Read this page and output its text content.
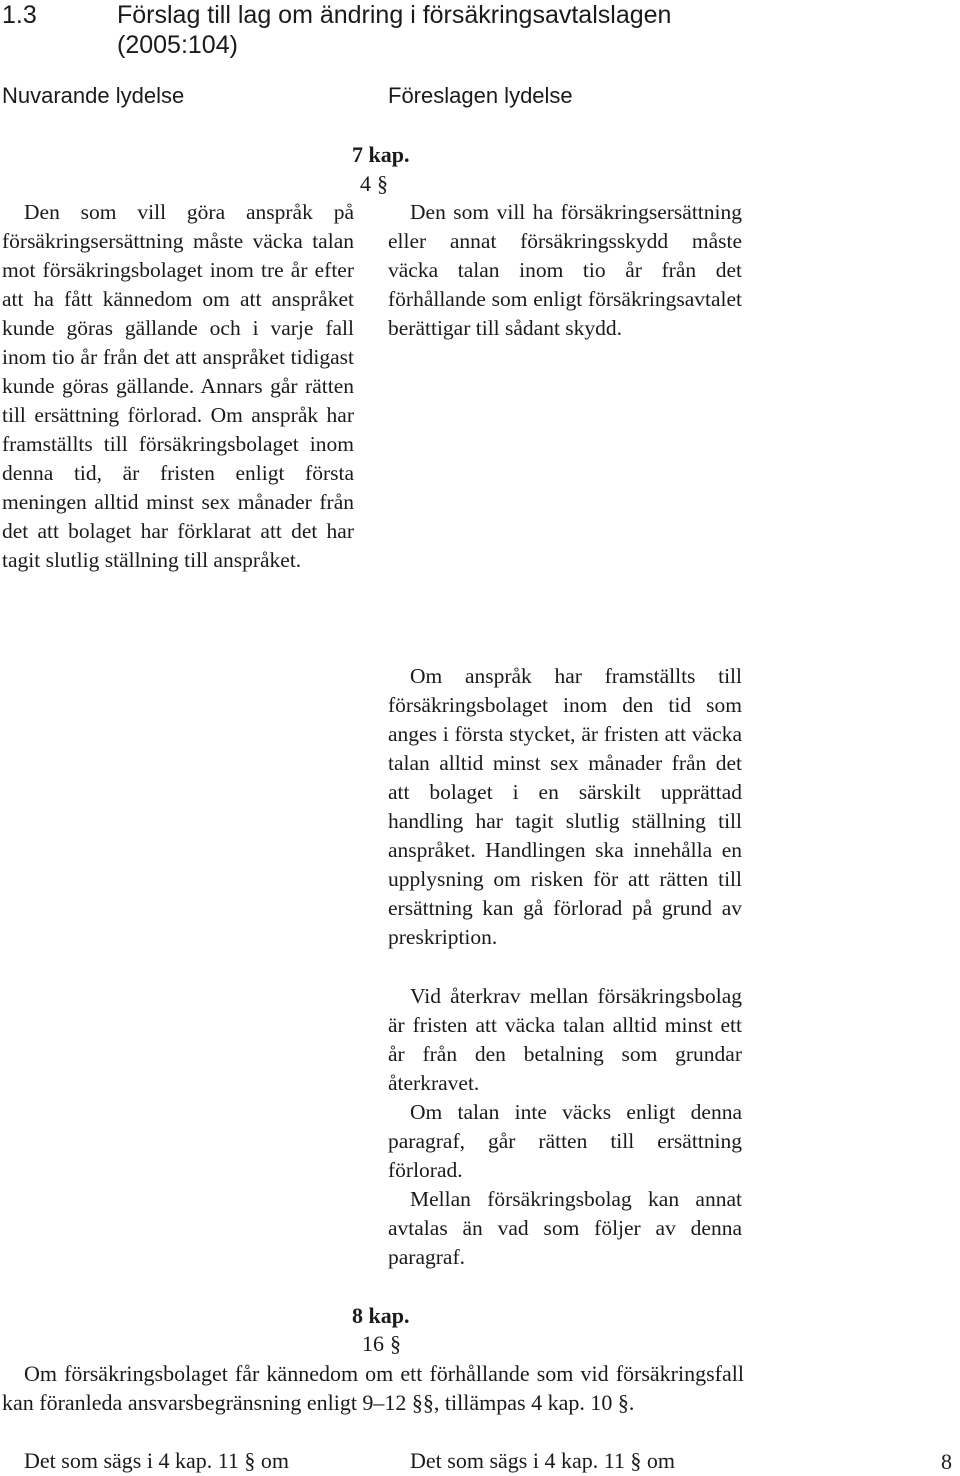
1.3	Förslag till lag om ändring i försäkringsavtalslagen (2005:104)
Nuvarande lydelse	Föreslagen lydelse
7 kap.
4 §

Den som vill göra anspråk på försäkringsersättning måste väcka talan mot försäkringsbolaget inom tre år efter att ha fått kännedom om att anspråket kunde göras gällande och i varje fall inom tio år från det att anspråket tidigast kunde göras gällande. Annars går rätten till ersättning förlorad. Om anspråk har framställts till försäkringsbolaget inom denna tid, är fristen enligt första meningen alltid minst sex månader från det att bolaget har förklarat att det har tagit slutlig ställning till anspråket.

Den som vill ha försäkringsersättning eller annat försäkringsskydd måste väcka talan inom tio år från det förhållande som enligt försäkringsavtalet berättigar till sådant skydd.

Om anspråk har framställts till försäkringsbolaget inom den tid som anges i första stycket, är fristen att väcka talan alltid minst sex månader från det att bolaget i en särskilt upprättad handling har tagit slutlig ställning till anspråket. Handlingen ska innehålla en upplysning om risken för att rätten till ersättning kan gå förlorad på grund av preskription.

Vid återkrav mellan försäkringsbolag är fristen att väcka talan alltid minst ett år från den betalning som grundar återkravet.

Om talan inte väcks enligt denna paragraf, går rätten till ersättning förlorad.

Mellan försäkringsbolag kan annat avtalas än vad som följer av denna paragraf.

8 kap.
16 §

Om försäkringsbolaget får kännedom om ett förhållande som vid försäkringsfall kan föranleda ansvarsbegränsning enligt 9–12 §§, tillämpas 4 kap. 10 §.

Det som sägs i 4 kap. 11 § om	Det som sägs i 4 kap. 11 § om	8
